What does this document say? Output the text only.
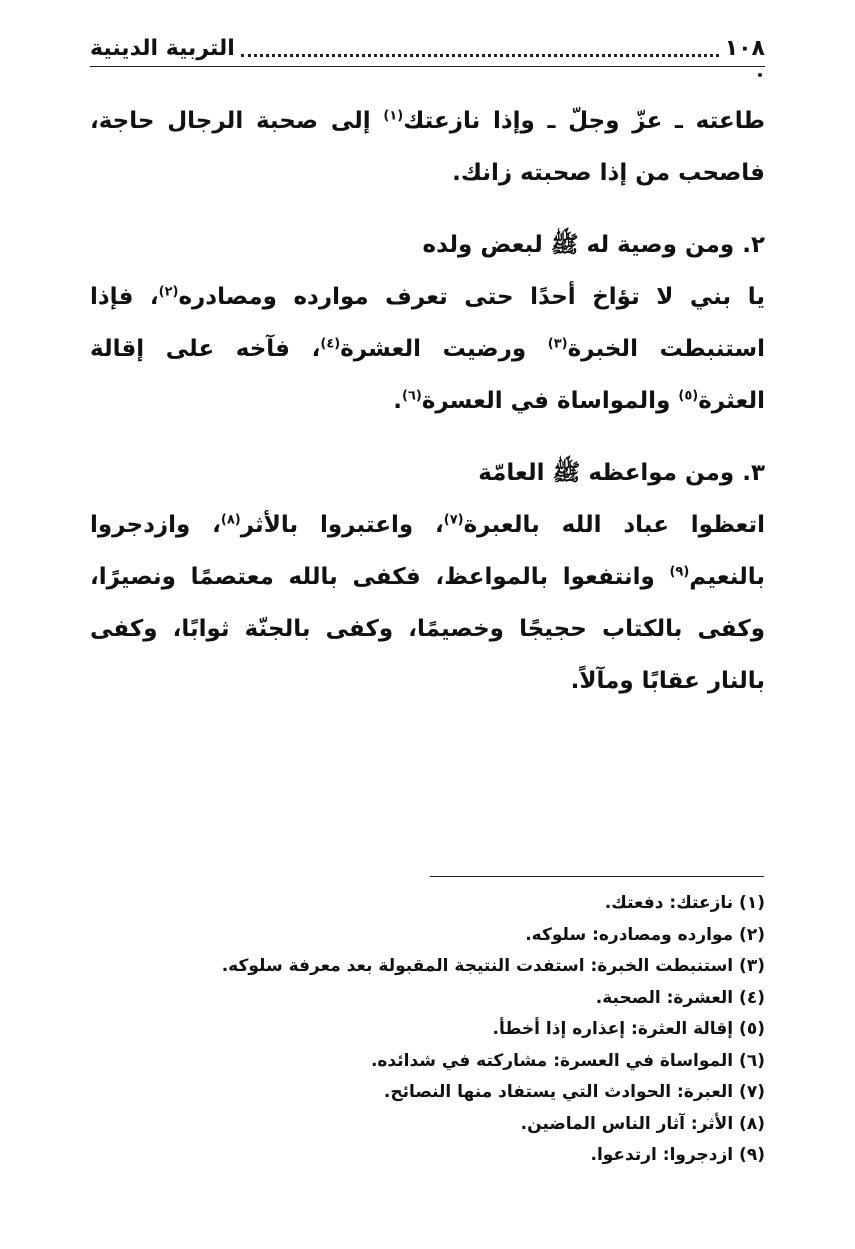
١٠٨
التربية الدينية

طاعته ـ عزّ وجلّ ـ وإذا نازعتك$^{(١)}$ إلى صحبة الرجال حاجة، فاصحب من إذا صحبته زانك.

٢. ومن وصية له ﷺ لبعض ولده

يا بني لا تؤاخ أحدًا حتى تعرف موارده ومصادره$^{(٢)}$، فإذا استنبطت الخبرة$^{(٣)}$ ورضيت العشرة$^{(٤)}$، فآخه على إقالة العثرة$^{(٥)}$ والمواساة في العسرة$^{(٦)}$.

٣. ومن مواعظه ﷺ العامّة

اتعظوا عباد الله بالعبرة$^{(٧)}$، واعتبروا بالأثر$^{(٨)}$، وازدجروا بالنعيم$^{(٩)}$ وانتفعوا بالمواعظ، فكفى بالله معتصمًا ونصيرًا، وكفى بالكتاب حجيجًا وخصيمًا، وكفى بالجنّة ثوابًا، وكفى بالنار عقابًا ومآلاً.

(١) نازعتك: دفعتك.
(٢) موارده ومصادره: سلوكه.
(٣) استنبطت الخبرة: استفدت النتيجة المقبولة بعد معرفة سلوكه.
(٤) العشرة: الصحبة.
(٥) إقالة العثرة: إعذاره إذا أخطأ.
(٦) المواساة في العسرة: مشاركته في شدائده.
(٧) العبرة: الحوادث التي يستفاد منها النصائح.
(٨) الأثر: آثار الناس الماضين.
(٩) ازدجروا: ارتدعوا.
